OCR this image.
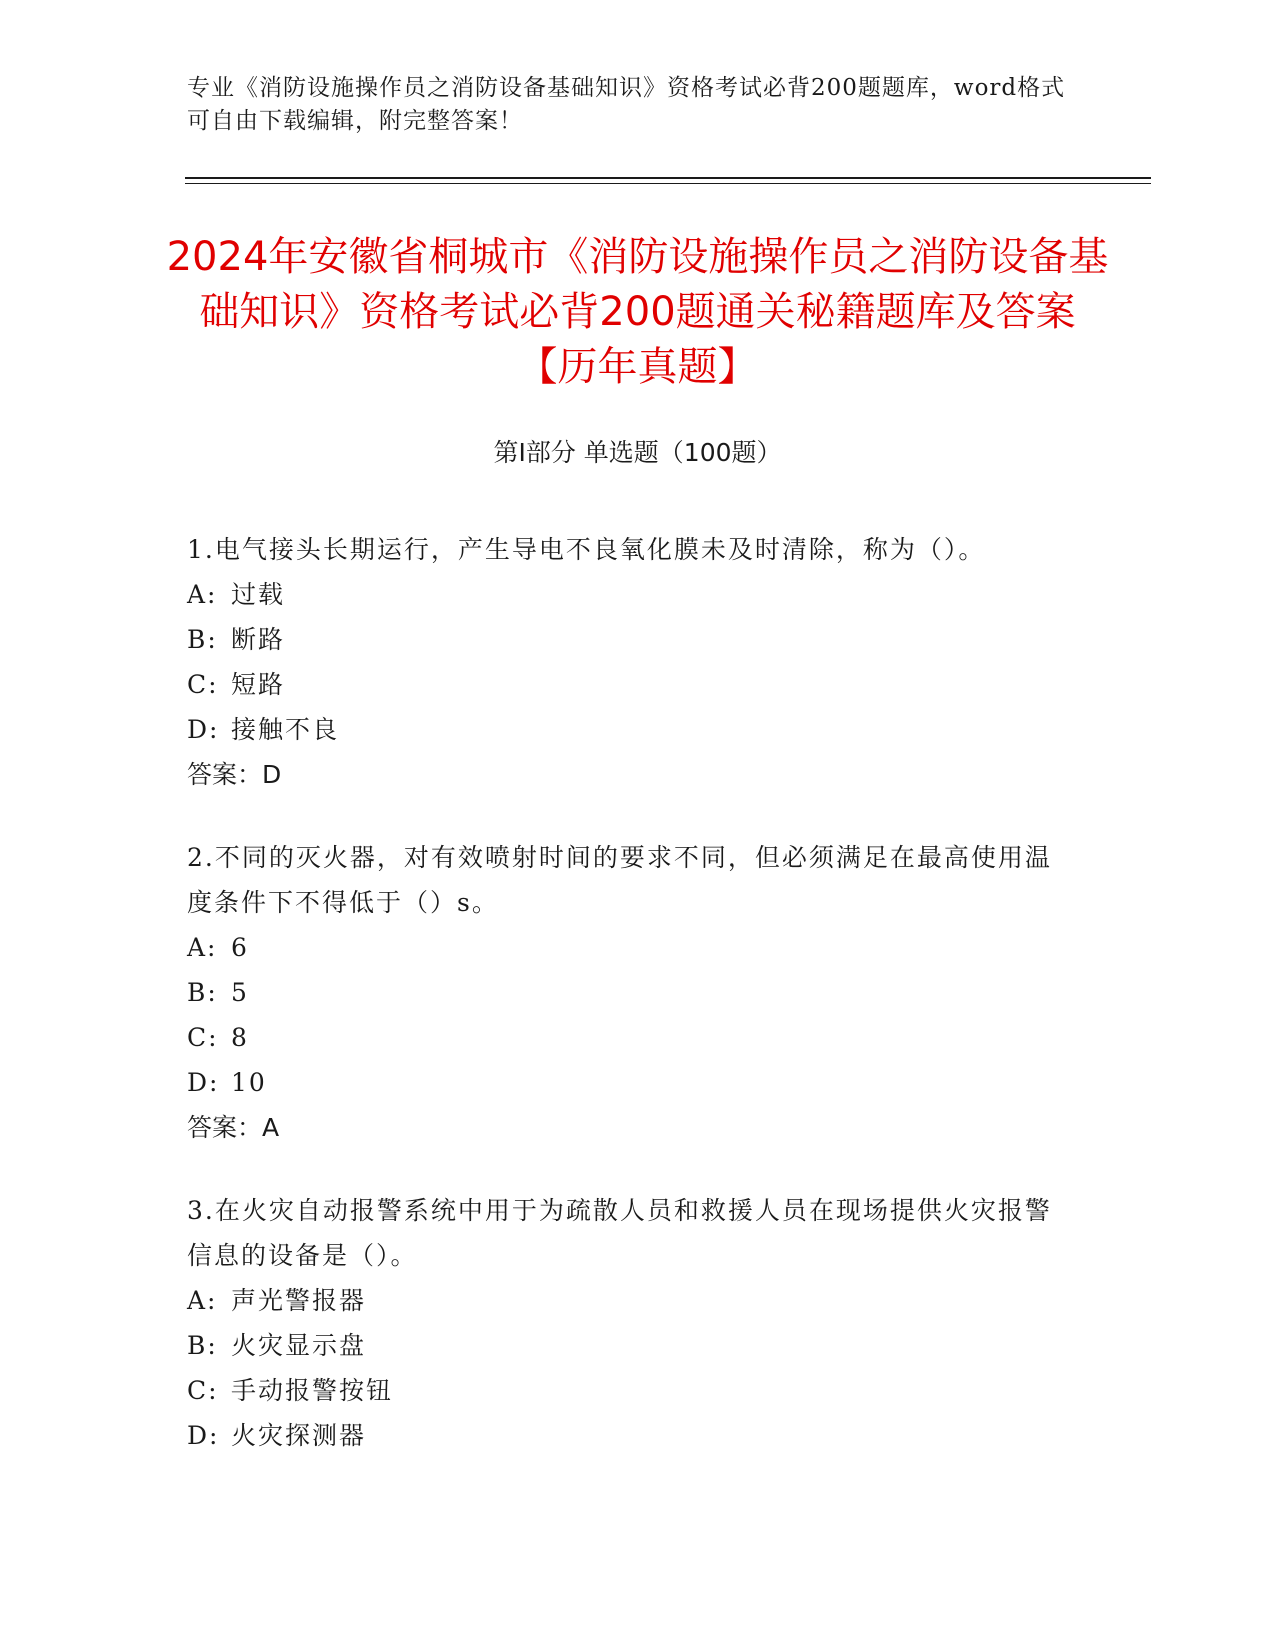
专业《消防设施操作员之消防设备基础知识》资格考试必背200题题库，word格式可自由下载编辑，附完整答案！
2024年安徽省桐城市《消防设施操作员之消防设备基础知识》资格考试必背200题通关秘籍题库及答案【历年真题】
第Ⅰ部分 单选题（100题）
1.电气接头长期运行，产生导电不良氧化膜未及时清除，称为（）。
A: 过载
B: 断路
C: 短路
D: 接触不良
答案：D
2.不同的灭火器，对有效喷射时间的要求不同，但必须满足在最高使用温度条件下不得低于（）s。
A: 6
B: 5
C: 8
D: 10
答案：A
3.在火灾自动报警系统中用于为疏散人员和救援人员在现场提供火灾报警信息的设备是（）。
A: 声光警报器
B: 火灾显示盘
C: 手动报警按钮
D: 火灾探测器
